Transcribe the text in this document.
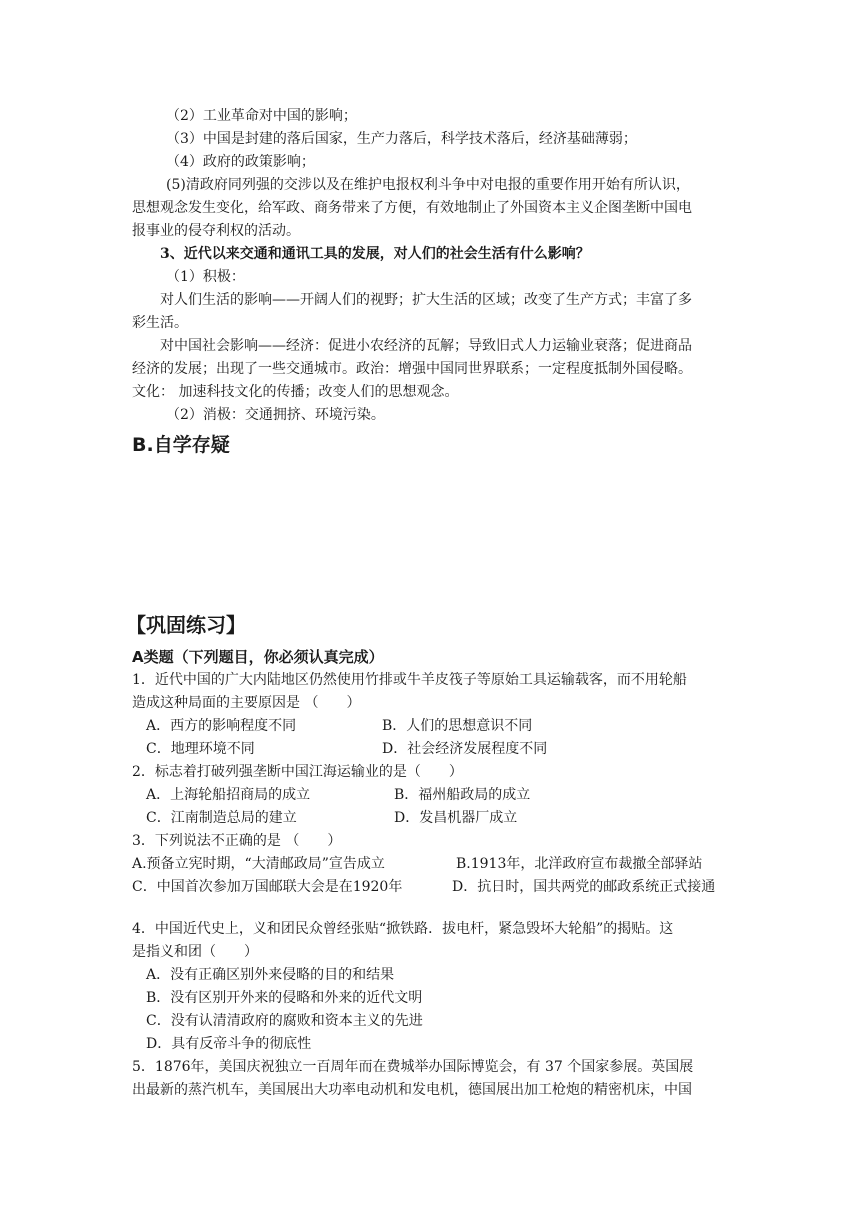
（2）工业革命对中国的影响；
（3）中国是封建的落后国家，生产力落后，科学技术落后，经济基础薄弱；
（4）政府的政策影响；
(5)清政府同列强的交涉以及在维护电报权利斗争中对电报的重要作用开始有所认识，
思想观念发生变化，给军政、商务带来了方便，有效地制止了外国资本主义企图垄断中国电
报事业的侵夺利权的活动。
3、近代以来交通和通讯工具的发展，对人们的社会生活有什么影响？
（1）积极：
对人们生活的影响——开阔人们的视野；扩大生活的区域；改变了生产方式；丰富了多
彩生活。
对中国社会影响——经济：促进小农经济的瓦解；导致旧式人力运输业衰落；促进商品
经济的发展；出现了一些交通城市。政治：增强中国同世界联系；一定程度抵制外国侵略。
文化： 加速科技文化的传播；改变人们的思想观念。
（2）消极：交通拥挤、环境污染。
B.自学存疑
【巩固练习】
A类题（下列题目，你必须认真完成）
1．近代中国的广大内陆地区仍然使用竹排或牛羊皮筏子等原始工具运输载客，而不用轮船
造成这种局面的主要原因是 （　　）
A．西方的影响程度不同	B．人们的思想意识不同
C．地理环境不同	D．社会经济发展程度不同
2．标志着打破列强垄断中国江海运输业的是（　　）
A．上海轮船招商局的成立	B．福州船政局的成立
C．江南制造总局的建立	D．发昌机器厂成立
3．下列说法不正确的是 （　　）
A.预备立宪时期，“大清邮政局”宣告成立	B.1913年，北洋政府宣布裁撤全部驿站
C．中国首次参加万国邮联大会是在1920年	D．抗日时，国共两党的邮政系统正式接通
4．中国近代史上，义和团民众曾经张贴“掀铁路．拔电杆，紧急毁坏大轮船”的揭贴。这
是指义和团（　　）
A．没有正确区别外来侵略的目的和结果
B．没有区别开外来的侵略和外来的近代文明
C．没有认清清政府的腐败和资本主义的先进
D．具有反帝斗争的彻底性
5．1876年，美国庆祝独立一百周年而在费城举办国际博览会，有 37 个国家参展。英国展
出最新的蒸汽机车，美国展出大功率电动机和发电机，德国展出加工枪炮的精密机床，中国
